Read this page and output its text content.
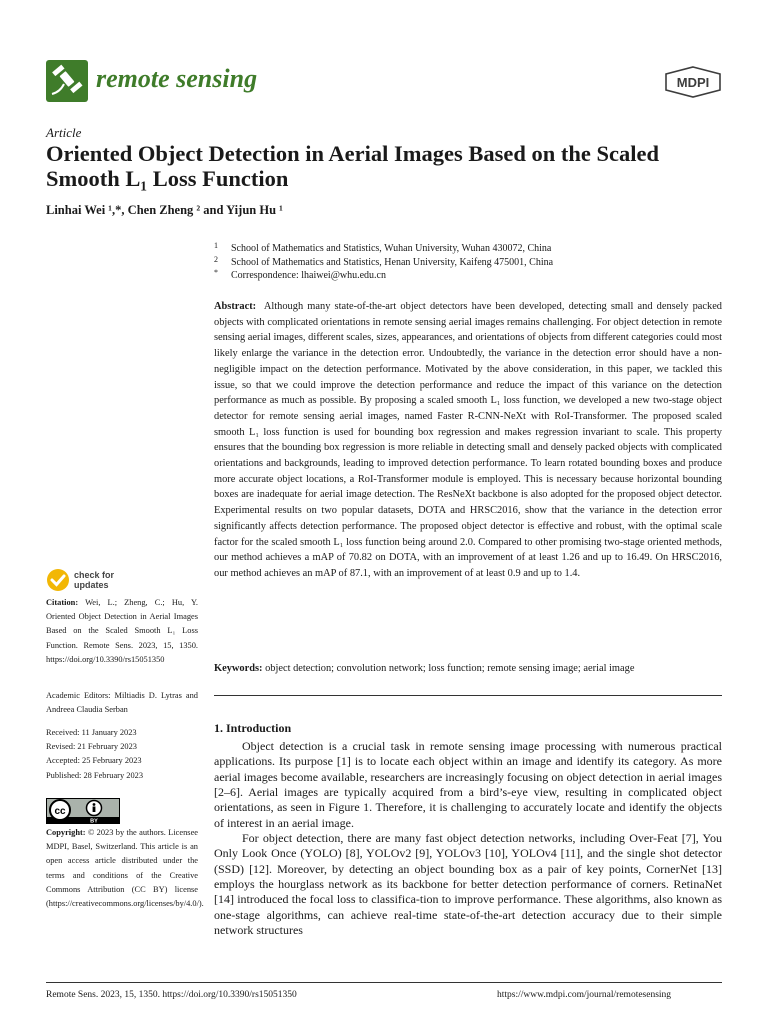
remote sensing	MDPI
Article
Oriented Object Detection in Aerial Images Based on the Scaled Smooth L₁ Loss Function
Linhai Wei ¹,*, Chen Zheng ² and Yijun Hu ¹
1 School of Mathematics and Statistics, Wuhan University, Wuhan 430072, China
2 School of Mathematics and Statistics, Henan University, Kaifeng 475001, China
* Correspondence: lhaiwei@whu.edu.cn
Abstract: Although many state-of-the-art object detectors have been developed, detecting small and densely packed objects with complicated orientations in remote sensing aerial images remains challenging. For object detection in remote sensing aerial images, different scales, sizes, appearances, and orientations of objects from different categories could most likely enlarge the variance in the detection error. Undoubtedly, the variance in the detection error should have a non-negligible impact on the detection performance. Motivated by the above consideration, in this paper, we tackled this issue, so that we could improve the detection performance and reduce the impact of this variance on the detection performance as much as possible. By proposing a scaled smooth L₁ loss function, we developed a new two-stage object detector for remote sensing aerial images, named Faster R-CNN-NeXt with RoI-Transformer. The proposed scaled smooth L₁ loss function is used for bounding box regression and makes regression invariant to scale. This property ensures that the bounding box regression is more reliable in detecting small and densely packed objects with complicated orientations and backgrounds, leading to improved detection performance. To learn rotated bounding boxes and produce more accurate object locations, a RoI-Transformer module is employed. This is necessary because horizontal bounding boxes are inadequate for aerial image detection. The ResNeXt backbone is also adopted for the proposed object detector. Experimental results on two popular datasets, DOTA and HRSC2016, show that the variance in the detection error significantly affects detection performance. The proposed object detector is effective and robust, with the optimal scale factor for the scaled smooth L₁ loss function being around 2.0. Compared to other promising two-stage oriented methods, our method achieves a mAP of 70.82 on DOTA, with an improvement of at least 1.26 and up to 16.49. On HRSC2016, our method achieves an mAP of 87.1, with an improvement of at least 0.9 and up to 1.4.
Keywords: object detection; convolution network; loss function; remote sensing image; aerial image
1. Introduction

Object detection is a crucial task in remote sensing image processing with numerous practical applications. Its purpose [1] is to locate each object within an image and identify its category. As more aerial images become available, researchers are increasingly focusing on object detection in aerial images [2–6]. Aerial images are typically acquired from a bird’s-eye view, resulting in complicated object orientations, as seen in Figure 1. Therefore, it is challenging to accurately locate and identify the objects of interest in an aerial image.

For object detection, there are many fast object detection networks, including Over-Feat [7], You Only Look Once (YOLO) [8], YOLOv2 [9], YOLOv3 [10], YOLOv4 [11], and the single shot detector (SSD) [12]. Moreover, by detecting an object bounding box as a pair of key points, CornerNet [13] employs the hourglass network as its backbone for better detection performance of corners. RetinaNet [14] introduced the focal loss to classifica-tion to improve performance. These algorithms, also known as one-stage algorithms, can achieve real-time state-of-the-art detection accuracy due to their simple network structures

check for
updates
Citation: Wei, L.; Zheng, C.; Hu, Y. Oriented Object Detection in Aerial Images Based on the Scaled Smooth L₁ Loss Function. Remote Sens. 2023, 15, 1350. https://doi.org/10.3390/rs15051350
Academic Editors: Miltiadis D. Lytras and Andreea Claudia Serban
Received: 11 January 2023
Revised: 21 February 2023
Accepted: 25 February 2023
Published: 28 February 2023
cc
BY
Copyright: © 2023 by the authors. Licensee MDPI, Basel, Switzerland. This article is an open access article distributed under the terms and conditions of the Creative Commons Attribution (CC BY) license (https://creativecommons.org/licenses/by/4.0/).
Remote Sens. 2023, 15, 1350. https://doi.org/10.3390/rs15051350	https://www.mdpi.com/journal/remotesensing
